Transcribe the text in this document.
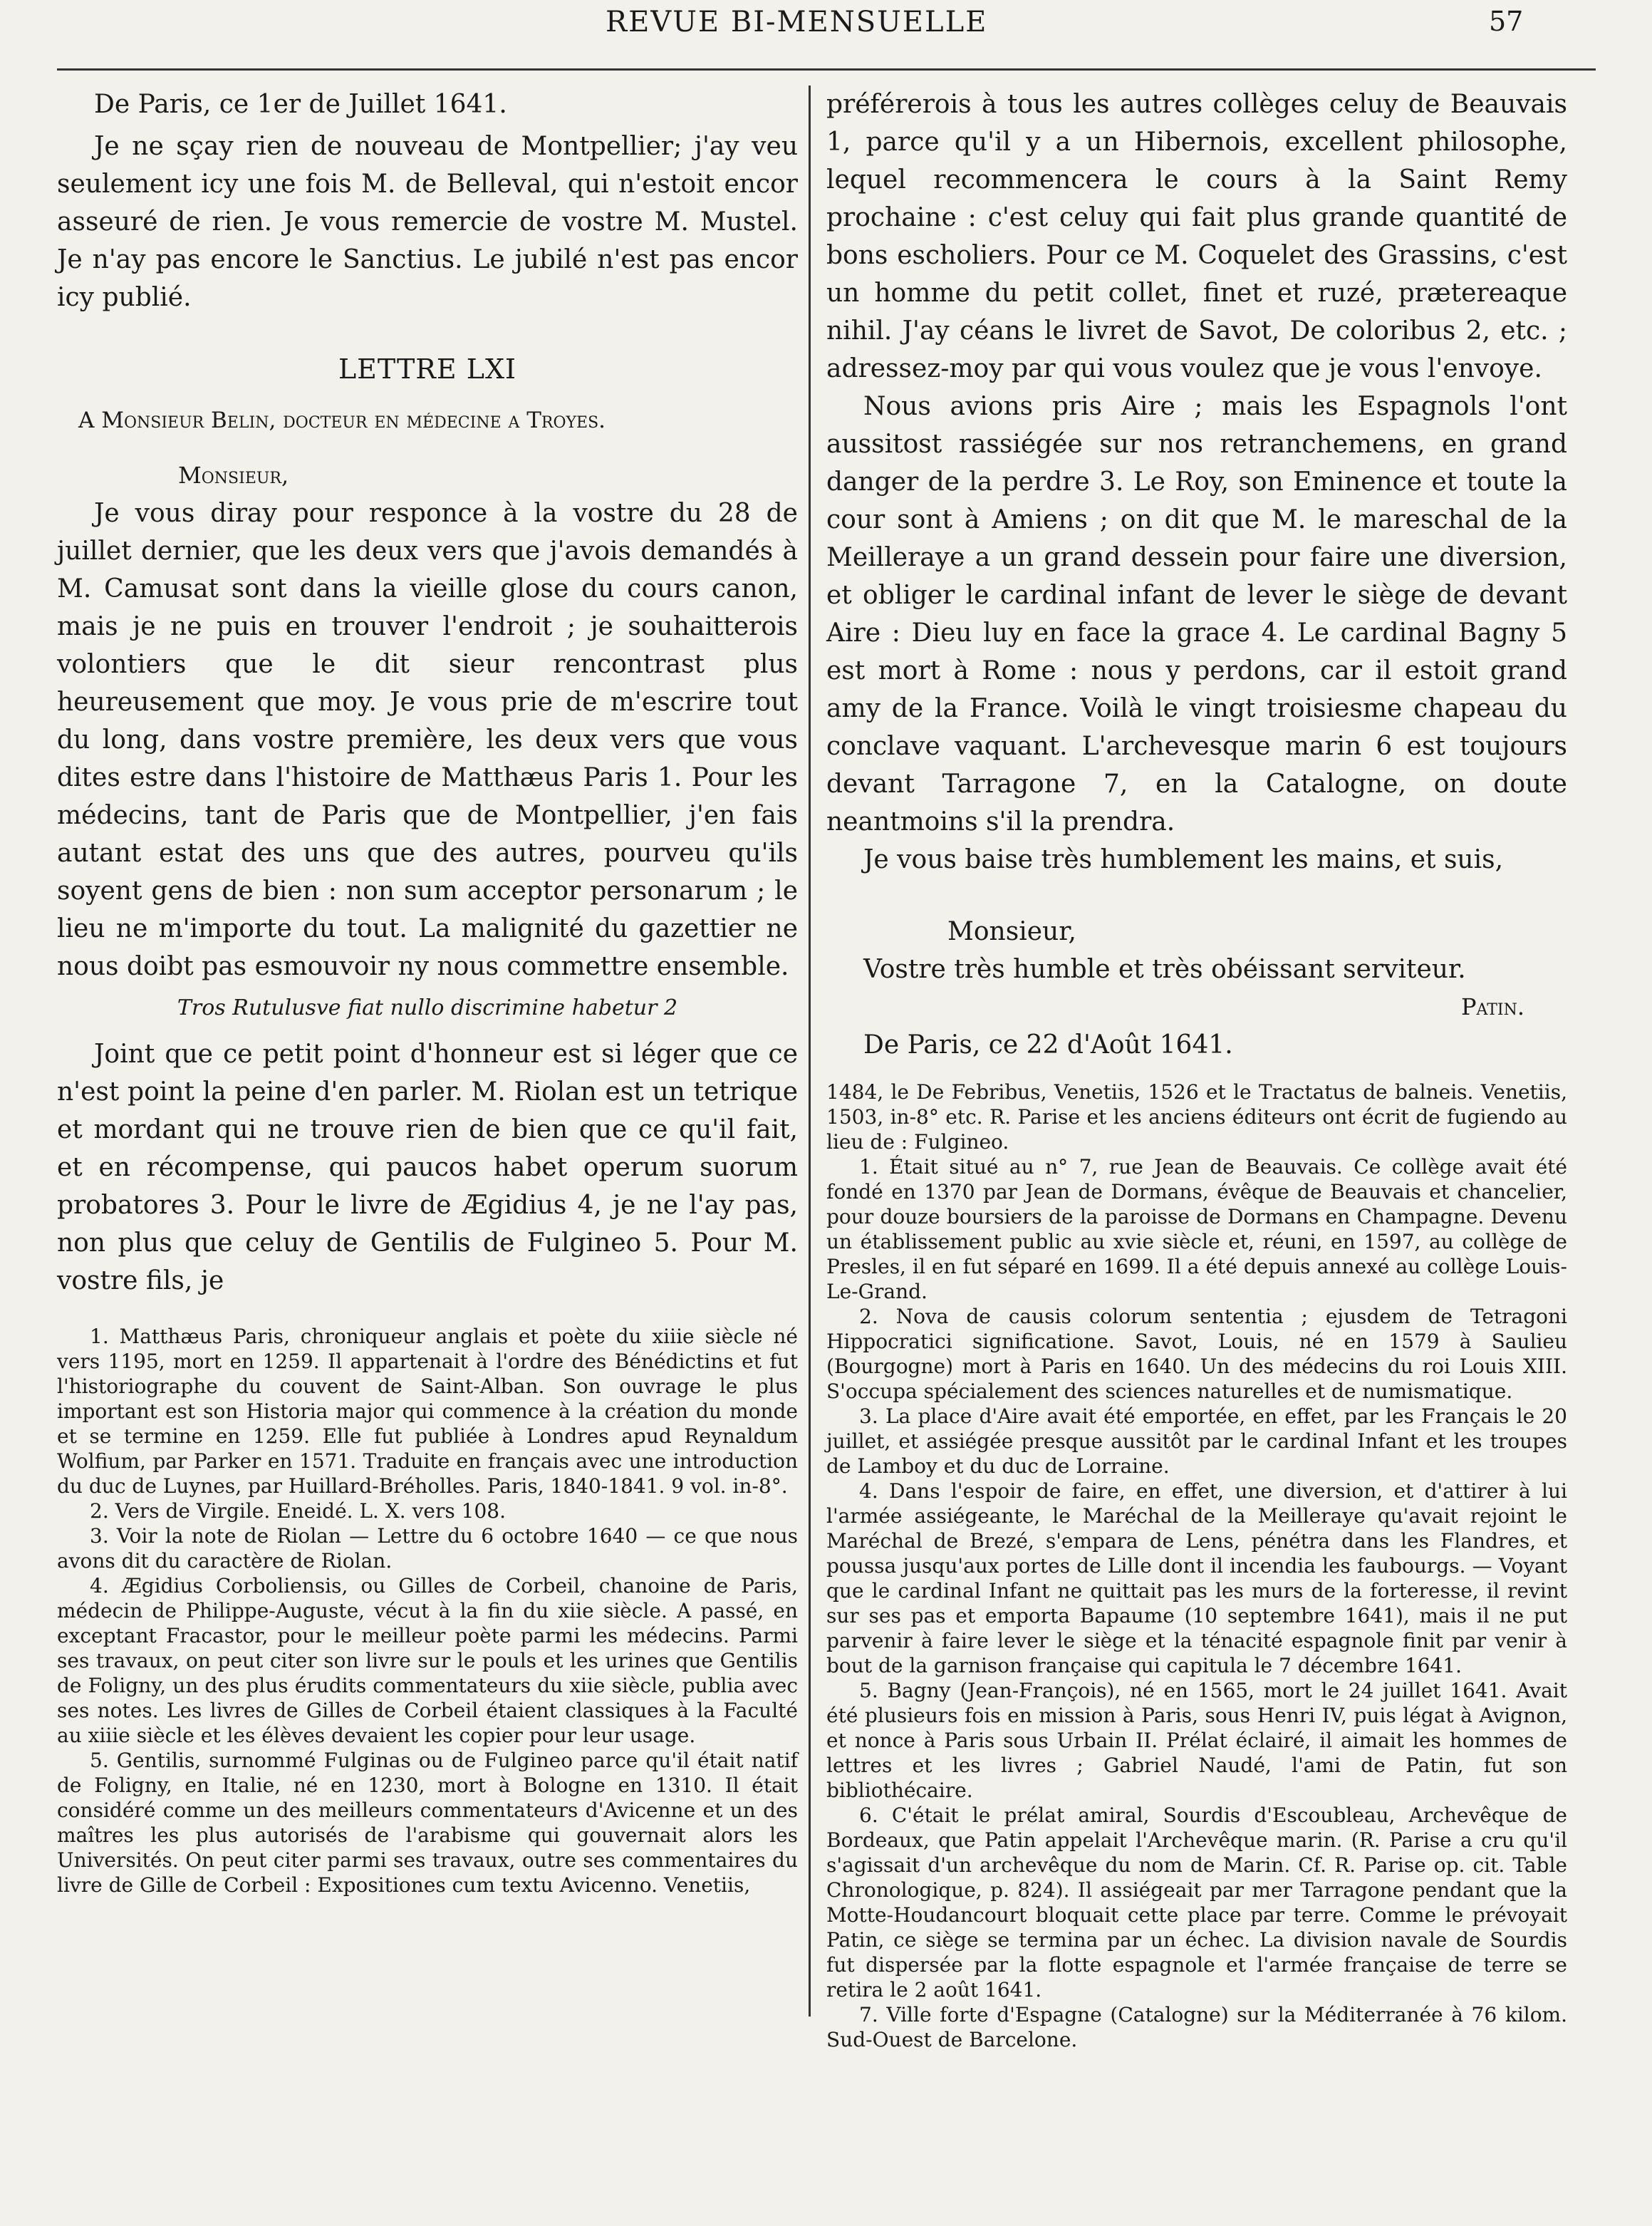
REVUE BI-MENSUELLE	57

De Paris, ce 1er de Juillet 1641.

Je ne sçay rien de nouveau de Montpellier; j'ay veu seulement icy une fois M. de Belleval, qui n'estoit encor asseuré de rien. Je vous remercie de vostre M. Mustel. Je n'ay pas encore le Sanctius. Le jubilé n'est pas encor icy publié.

LETTRE LXI

A Monsieur Belin, docteur en médecine a Troyes.

Monsieur,

Je vous diray pour responce à la vostre du 28 de juillet dernier, que les deux vers que j'avois demandés à M. Camusat sont dans la vieille glose du cours canon, mais je ne puis en trouver l'endroit ; je souhaitterois volontiers que le dit sieur rencontrast plus heureusement que moy. Je vous prie de m'escrire tout du long, dans vostre première, les deux vers que vous dites estre dans l'histoire de Matthæus Paris 1. Pour les médecins, tant de Paris que de Montpellier, j'en fais autant estat des uns que des autres, pourveu qu'ils soyent gens de bien : non sum acceptor personarum ; le lieu ne m'importe du tout. La malignité du gazettier ne nous doibt pas esmouvoir ny nous commettre ensemble.

Tros Rutulusve fiat nullo discrimine habetur 2

Joint que ce petit point d'honneur est si léger que ce n'est point la peine d'en parler. M. Riolan est un tetrique et mordant qui ne trouve rien de bien que ce qu'il fait, et en récompense, qui paucos habet operum suorum probatores 3. Pour le livre de Ægidius 4, je ne l'ay pas, non plus que celuy de Gentilis de Fulgineo 5. Pour M. vostre fils, je

1. Matthæus Paris, chroniqueur anglais et poète du xiiie siècle né vers 1195, mort en 1259. Il appartenait à l'ordre des Bénédictins et fut l'historiographe du couvent de Saint-Alban. Son ouvrage le plus important est son Historia major qui commence à la création du monde et se termine en 1259. Elle fut publiée à Londres apud Reynaldum Wolfium, par Parker en 1571. Traduite en français avec une introduction du duc de Luynes, par Huillard-Bréholles. Paris, 1840-1841. 9 vol. in-8°.

2. Vers de Virgile. Eneidé. L. X. vers 108.

3. Voir la note de Riolan — Lettre du 6 octobre 1640 — ce que nous avons dit du caractère de Riolan.

4. Ægidius Corboliensis, ou Gilles de Corbeil, chanoine de Paris, médecin de Philippe-Auguste, vécut à la fin du xiie siècle. A passé, en exceptant Fracastor, pour le meilleur poète parmi les médecins. Parmi ses travaux, on peut citer son livre sur le pouls et les urines que Gentilis de Foligny, un des plus érudits commentateurs du xiie siècle, publia avec ses notes. Les livres de Gilles de Corbeil étaient classiques à la Faculté au xiiie siècle et les élèves devaient les copier pour leur usage.

5. Gentilis, surnommé Fulginas ou de Fulgineo parce qu'il était natif de Foligny, en Italie, né en 1230, mort à Bologne en 1310. Il était considéré comme un des meilleurs commentateurs d'Avicenne et un des maîtres les plus autorisés de l'arabisme qui gouvernait alors les Universités. On peut citer parmi ses travaux, outre ses commentaires du livre de Gille de Corbeil : Expositiones cum textu Avicenno. Venetiis,

préférerois à tous les autres collèges celuy de Beauvais 1, parce qu'il y a un Hibernois, excellent philosophe, lequel recommencera le cours à la Saint Remy prochaine : c'est celuy qui fait plus grande quantité de bons escholiers. Pour ce M. Coquelet des Grassins, c'est un homme du petit collet, finet et ruzé, prætereaque nihil. J'ay céans le livret de Savot, De coloribus 2, etc. ; adressez-moy par qui vous voulez que je vous l'envoye.

Nous avions pris Aire ; mais les Espagnols l'ont aussitost rassiégée sur nos retranchemens, en grand danger de la perdre 3. Le Roy, son Eminence et toute la cour sont à Amiens ; on dit que M. le mareschal de la Meilleraye a un grand dessein pour faire une diversion, et obliger le cardinal infant de lever le siège de devant Aire : Dieu luy en face la grace 4. Le cardinal Bagny 5 est mort à Rome : nous y perdons, car il estoit grand amy de la France. Voilà le vingt troisiesme chapeau du conclave vaquant. L'archevesque marin 6 est toujours devant Tarragone 7, en la Catalogne, on doute neantmoins s'il la prendra.

Je vous baise très humblement les mains, et suis,

Monsieur,

Vostre très humble et très obéissant serviteur.

Patin.

De Paris, ce 22 d'Août 1641.

1484, le De Febribus, Venetiis, 1526 et le Tractatus de balneis. Venetiis, 1503, in-8° etc. R. Parise et les anciens éditeurs ont écrit de fugiendo au lieu de : Fulgineo.

1. Était situé au n° 7, rue Jean de Beauvais. Ce collège avait été fondé en 1370 par Jean de Dormans, évêque de Beauvais et chancelier, pour douze boursiers de la paroisse de Dormans en Champagne. Devenu un établissement public au xvie siècle et, réuni, en 1597, au collège de Presles, il en fut séparé en 1699. Il a été depuis annexé au collège Louis-Le-Grand.

2. Nova de causis colorum sententia ; ejusdem de Tetragoni Hippocratici significatione. Savot, Louis, né en 1579 à Saulieu (Bourgogne) mort à Paris en 1640. Un des médecins du roi Louis XIII. S'occupa spécialement des sciences naturelles et de numismatique.

3. La place d'Aire avait été emportée, en effet, par les Français le 20 juillet, et assiégée presque aussitôt par le cardinal Infant et les troupes de Lamboy et du duc de Lorraine.

4. Dans l'espoir de faire, en effet, une diversion, et d'attirer à lui l'armée assiégeante, le Maréchal de la Meilleraye qu'avait rejoint le Maréchal de Brezé, s'empara de Lens, pénétra dans les Flandres, et poussa jusqu'aux portes de Lille dont il incendia les faubourgs. — Voyant que le cardinal Infant ne quittait pas les murs de la forteresse, il revint sur ses pas et emporta Bapaume (10 septembre 1641), mais il ne put parvenir à faire lever le siège et la ténacité espagnole finit par venir à bout de la garnison française qui capitula le 7 décembre 1641.

5. Bagny (Jean-François), né en 1565, mort le 24 juillet 1641. Avait été plusieurs fois en mission à Paris, sous Henri IV, puis légat à Avignon, et nonce à Paris sous Urbain II. Prélat éclairé, il aimait les hommes de lettres et les livres ; Gabriel Naudé, l'ami de Patin, fut son bibliothécaire.

6. C'était le prélat amiral, Sourdis d'Escoubleau, Archevêque de Bordeaux, que Patin appelait l'Archevêque marin. (R. Parise a cru qu'il s'agissait d'un archevêque du nom de Marin. Cf. R. Parise op. cit. Table Chronologique, p. 824). Il assiégeait par mer Tarragone pendant que la Motte-Houdancourt bloquait cette place par terre. Comme le prévoyait Patin, ce siège se termina par un échec. La division navale de Sourdis fut dispersée par la flotte espagnole et l'armée française de terre se retira le 2 août 1641.

7. Ville forte d'Espagne (Catalogne) sur la Méditerranée à 76 kilom. Sud-Ouest de Barcelone.
